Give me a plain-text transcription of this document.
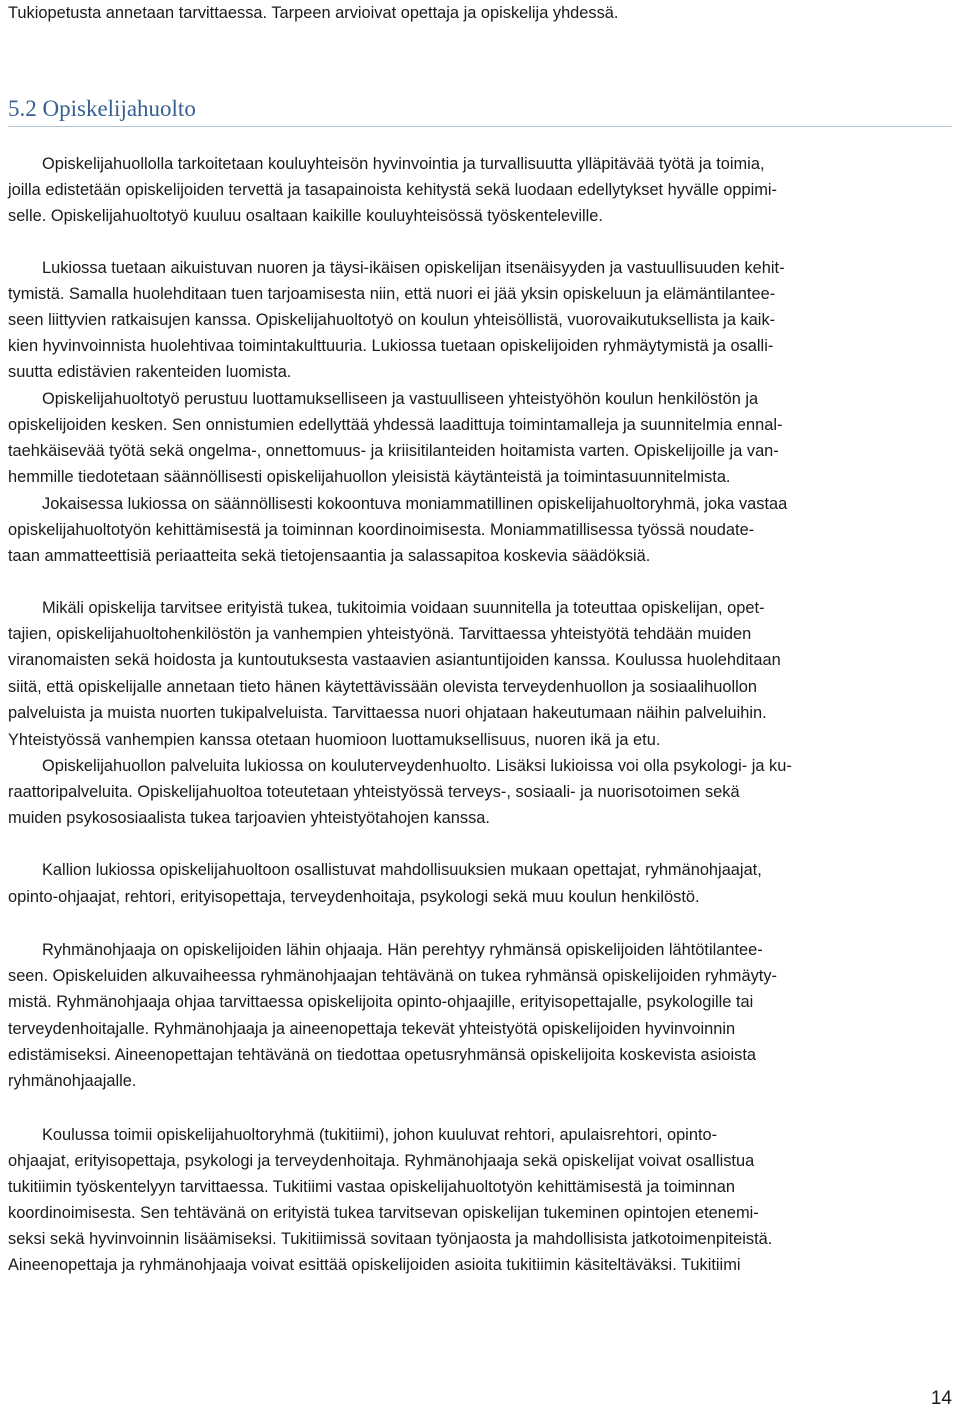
Tukiopetusta annetaan tarvittaessa. Tarpeen arvioivat opettaja ja opiskelija yhdessä.
5.2 Opiskelijahuolto
Opiskelijahuollolla tarkoitetaan kouluyhteisön hyvinvointia ja turvallisuutta ylläpitävää työtä ja toimia,
joilla edistetään opiskelijoiden tervettä ja tasapainoista kehitystä sekä luodaan edellytykset hyvälle oppimi-
selle. Opiskelijahuoltotyö kuuluu osaltaan kaikille kouluyhteisössä työskenteleville.
Lukiossa tuetaan aikuistuvan nuoren ja täysi-ikäisen opiskelijan itsenäisyyden ja vastuullisuuden kehit-
tymistä. Samalla huolehditaan tuen tarjoamisesta niin, että nuori ei jää yksin opiskeluun ja elämäntilantee-
seen liittyvien ratkaisujen kanssa. Opiskelijahuoltotyö on koulun yhteisöllistä, vuorovaikutuksellista ja kaik-
kien hyvinvoinnista huolehtivaa toimintakulttuuria. Lukiossa tuetaan opiskelijoiden ryhmäytymistä ja osalli-
suutta edistävien rakenteiden luomista.
Opiskelijahuoltotyö perustuu luottamukselliseen ja vastuulliseen yhteistyöhön koulun henkilöstön ja
opiskelijoiden kesken. Sen onnistumien edellyttää yhdessä laadittuja toimintamalleja ja suunnitelmia ennal-
taehkäisevää työtä sekä ongelma-, onnettomuus- ja kriisitilanteiden hoitamista varten. Opiskelijoille ja van-
hemmille tiedotetaan säännöllisesti opiskelijahuollon yleisistä käytänteistä ja toimintasuunnitelmista.
Jokaisessa lukiossa on säännöllisesti kokoontuva moniammatillinen opiskelijahuoltoryhmä, joka vastaa
opiskelijahuoltotyön kehittämisestä ja toiminnan koordinoimisesta. Moniammatillisessa työssä noudate-
taan ammatteettisiä periaatteita sekä tietojensaantia ja salassapitoa koskevia säädöksiä.
Mikäli opiskelija tarvitsee erityistä tukea, tukitoimia voidaan suunnitella ja toteuttaa opiskelijan, opet-
tajien, opiskelijahuoltohenkilöstön ja vanhempien yhteistyönä. Tarvittaessa yhteistyötä tehdään muiden
viranomaisten sekä hoidosta ja kuntoutuksesta vastaavien asiantuntijoiden kanssa. Koulussa huolehditaan
siitä, että opiskelijalle annetaan tieto hänen käytettävissään olevista terveydenhuollon ja sosiaalihuollon
palveluista ja muista nuorten tukipalveluista. Tarvittaessa nuori ohjataan hakeutumaan näihin palveluihin.
Yhteistyössä vanhempien kanssa otetaan huomioon luottamuksellisuus, nuoren ikä ja etu.
Opiskelijahuollon palveluita lukiossa on kouluterveydenhuolto. Lisäksi lukioissa voi olla psykologi- ja ku-
raattoripalveluita. Opiskelijahuoltoa toteutetaan yhteistyössä terveys-, sosiaali- ja nuorisotoimen sekä
muiden psykososiaalista tukea tarjoavien yhteistyötahojen kanssa.
Kallion lukiossa opiskelijahuoltoon osallistuvat mahdollisuuksien mukaan opettajat, ryhmänohjaajat,
opinto-ohjaajat, rehtori, erityisopettaja, terveydenhoitaja, psykologi sekä muu koulun henkilöstö.
Ryhmänohjaaja on opiskelijoiden lähin ohjaaja. Hän perehtyy ryhmänsä opiskelijoiden lähtötilantee-
seen. Opiskeluiden alkuvaiheessa ryhmänohjaajan tehtävänä on tukea ryhmänsä opiskelijoiden ryhmäyty-
mistä. Ryhmänohjaaja ohjaa tarvittaessa opiskelijoita opinto-ohjaajille, erityisopettajalle, psykologille tai
terveydenhoitajalle. Ryhmänohjaaja ja aineenopettaja tekevät yhteistyötä opiskelijoiden hyvinvoinnin
edistämiseksi. Aineenopettajan tehtävänä on tiedottaa opetusryhmänsä opiskelijoita koskevista asioista
ryhmänohjaajalle.
Koulussa toimii opiskelijahuoltoryhmä (tukitiimi), johon kuuluvat rehtori, apulaisrehtori, opinto-
ohjaajat, erityisopettaja, psykologi ja terveydenhoitaja. Ryhmänohjaaja sekä opiskelijat voivat osallistua
tukitiimin työskentelyyn tarvittaessa. Tukitiimi vastaa opiskelijahuoltotyön kehittämisestä ja toiminnan
koordinoimisesta. Sen tehtävänä on erityistä tukea tarvitsevan opiskelijan tukeminen opintojen etenemi-
seksi sekä hyvinvoinnin lisäämiseksi. Tukitiimissä sovitaan työnjaosta ja mahdollisista jatkotoimenpiteistä.
Aineenopettaja ja ryhmänohjaaja voivat esittää opiskelijoiden asioita tukitiimin käsiteltäväksi. Tukitiimi
14
